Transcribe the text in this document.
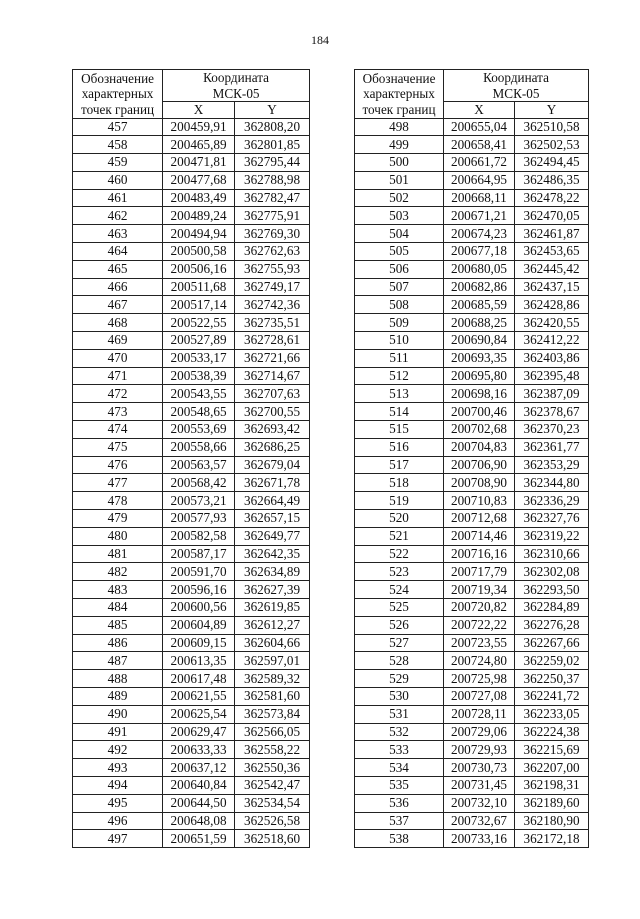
184
Обозначение
характерных
точек границ	Координата
МСК-05	
	X	Y
457	200459,91	362808,20
458	200465,89	362801,85
459	200471,81	362795,44
460	200477,68	362788,98
461	200483,49	362782,47
462	200489,24	362775,91
463	200494,94	362769,30
464	200500,58	362762,63
465	200506,16	362755,93
466	200511,68	362749,17
467	200517,14	362742,36
468	200522,55	362735,51
469	200527,89	362728,61
470	200533,17	362721,66
471	200538,39	362714,67
472	200543,55	362707,63
473	200548,65	362700,55
474	200553,69	362693,42
475	200558,66	362686,25
476	200563,57	362679,04
477	200568,42	362671,78
478	200573,21	362664,49
479	200577,93	362657,15
480	200582,58	362649,77
481	200587,17	362642,35
482	200591,70	362634,89
483	200596,16	362627,39
484	200600,56	362619,85
485	200604,89	362612,27
486	200609,15	362604,66
487	200613,35	362597,01
488	200617,48	362589,32
489	200621,55	362581,60
490	200625,54	362573,84
491	200629,47	362566,05
492	200633,33	362558,22
493	200637,12	362550,36
494	200640,84	362542,47
495	200644,50	362534,54
496	200648,08	362526,58
497	200651,59	362518,60
Обозначение
характерных
точек границ	Координата
МСК-05	
	X	Y
498	200655,04	362510,58
499	200658,41	362502,53
500	200661,72	362494,45
501	200664,95	362486,35
502	200668,11	362478,22
503	200671,21	362470,05
504	200674,23	362461,87
505	200677,18	362453,65
506	200680,05	362445,42
507	200682,86	362437,15
508	200685,59	362428,86
509	200688,25	362420,55
510	200690,84	362412,22
511	200693,35	362403,86
512	200695,80	362395,48
513	200698,16	362387,09
514	200700,46	362378,67
515	200702,68	362370,23
516	200704,83	362361,77
517	200706,90	362353,29
518	200708,90	362344,80
519	200710,83	362336,29
520	200712,68	362327,76
521	200714,46	362319,22
522	200716,16	362310,66
523	200717,79	362302,08
524	200719,34	362293,50
525	200720,82	362284,89
526	200722,22	362276,28
527	200723,55	362267,66
528	200724,80	362259,02
529	200725,98	362250,37
530	200727,08	362241,72
531	200728,11	362233,05
532	200729,06	362224,38
533	200729,93	362215,69
534	200730,73	362207,00
535	200731,45	362198,31
536	200732,10	362189,60
537	200732,67	362180,90
538	200733,16	362172,18
